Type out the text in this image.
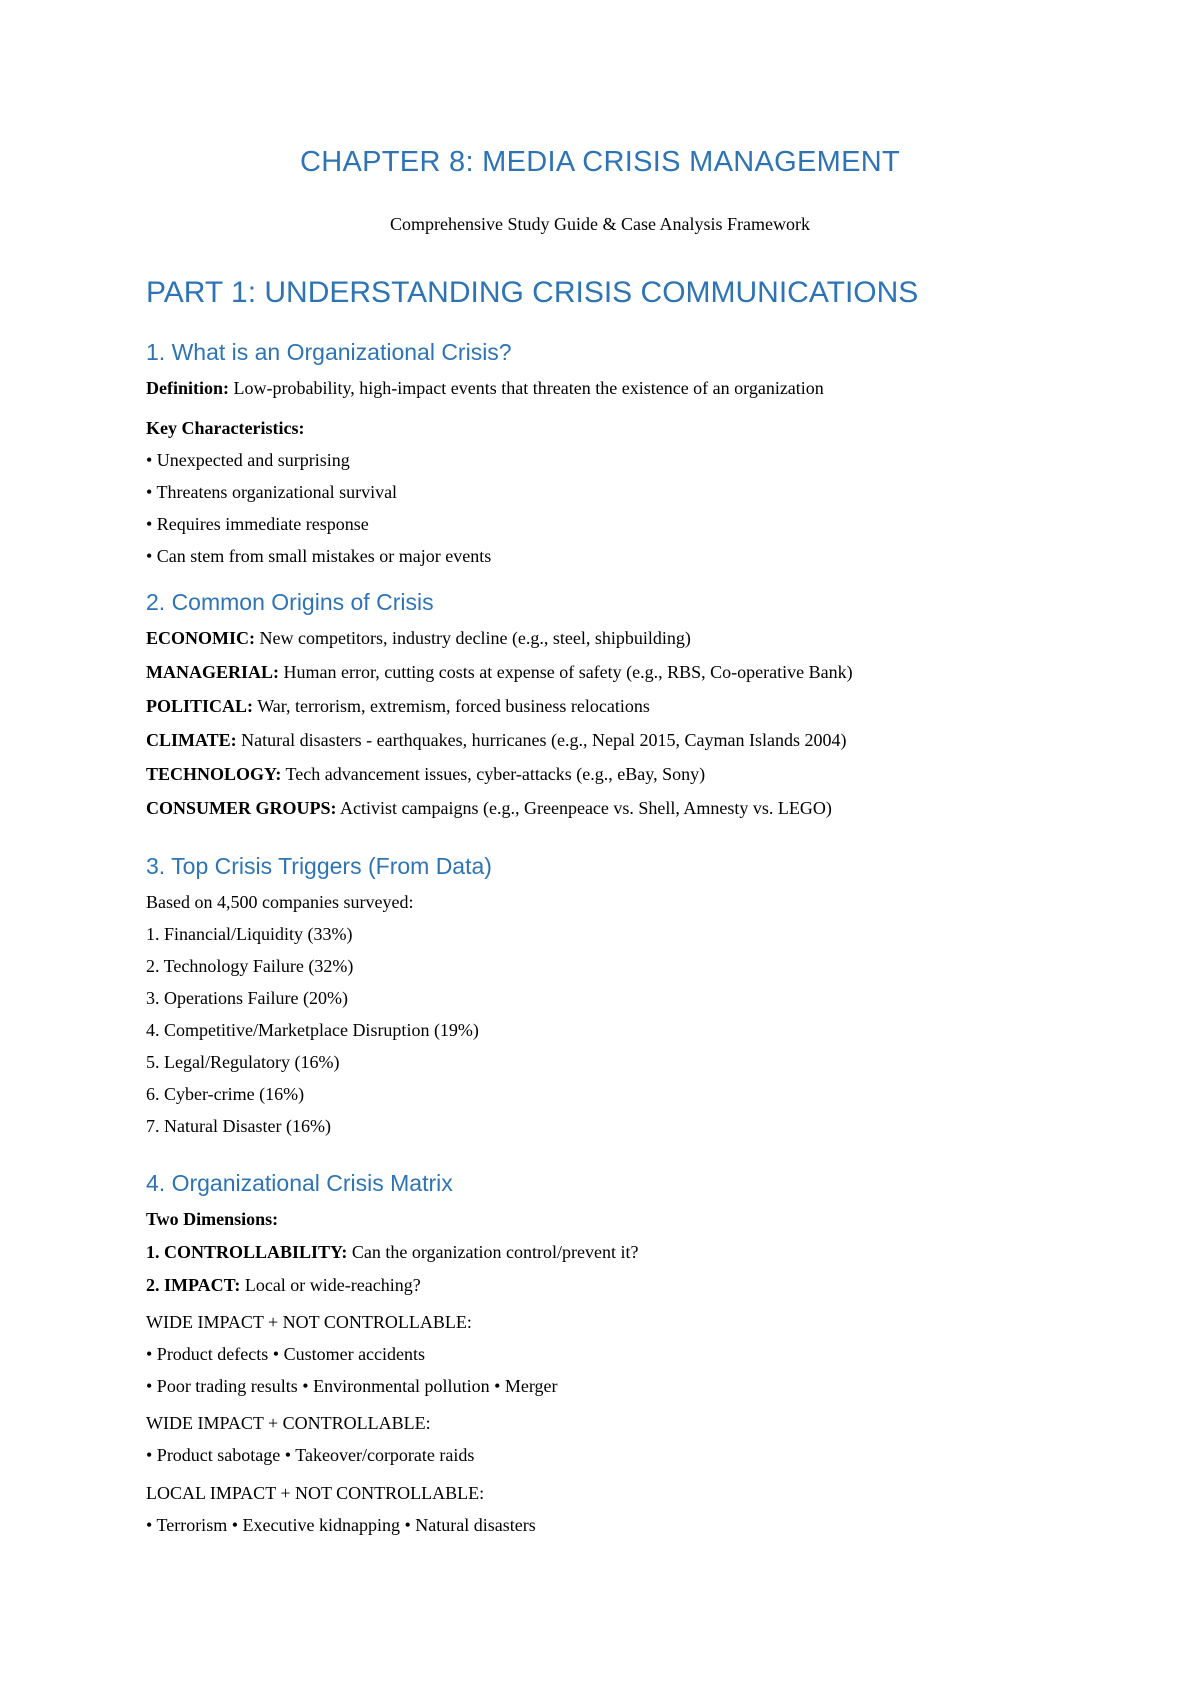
CHAPTER 8: MEDIA CRISIS MANAGEMENT
Comprehensive Study Guide & Case Analysis Framework
PART 1: UNDERSTANDING CRISIS COMMUNICATIONS
1. What is an Organizational Crisis?
Definition: Low-probability, high-impact events that threaten the existence of an organization
Key Characteristics:
• Unexpected and surprising
• Threatens organizational survival
• Requires immediate response
• Can stem from small mistakes or major events
2. Common Origins of Crisis
ECONOMIC: New competitors, industry decline (e.g., steel, shipbuilding)
MANAGERIAL: Human error, cutting costs at expense of safety (e.g., RBS, Co-operative Bank)
POLITICAL: War, terrorism, extremism, forced business relocations
CLIMATE: Natural disasters - earthquakes, hurricanes (e.g., Nepal 2015, Cayman Islands 2004)
TECHNOLOGY: Tech advancement issues, cyber-attacks (e.g., eBay, Sony)
CONSUMER GROUPS: Activist campaigns (e.g., Greenpeace vs. Shell, Amnesty vs. LEGO)
3. Top Crisis Triggers (From Data)
Based on 4,500 companies surveyed:
1. Financial/Liquidity (33%)
2. Technology Failure (32%)
3. Operations Failure (20%)
4. Competitive/Marketplace Disruption (19%)
5. Legal/Regulatory (16%)
6. Cyber-crime (16%)
7. Natural Disaster (16%)
4. Organizational Crisis Matrix
Two Dimensions:
1. CONTROLLABILITY: Can the organization control/prevent it?
2. IMPACT: Local or wide-reaching?
WIDE IMPACT + NOT CONTROLLABLE:
• Product defects • Customer accidents
• Poor trading results • Environmental pollution • Merger
WIDE IMPACT + CONTROLLABLE:
• Product sabotage • Takeover/corporate raids
LOCAL IMPACT + NOT CONTROLLABLE:
• Terrorism • Executive kidnapping • Natural disasters
